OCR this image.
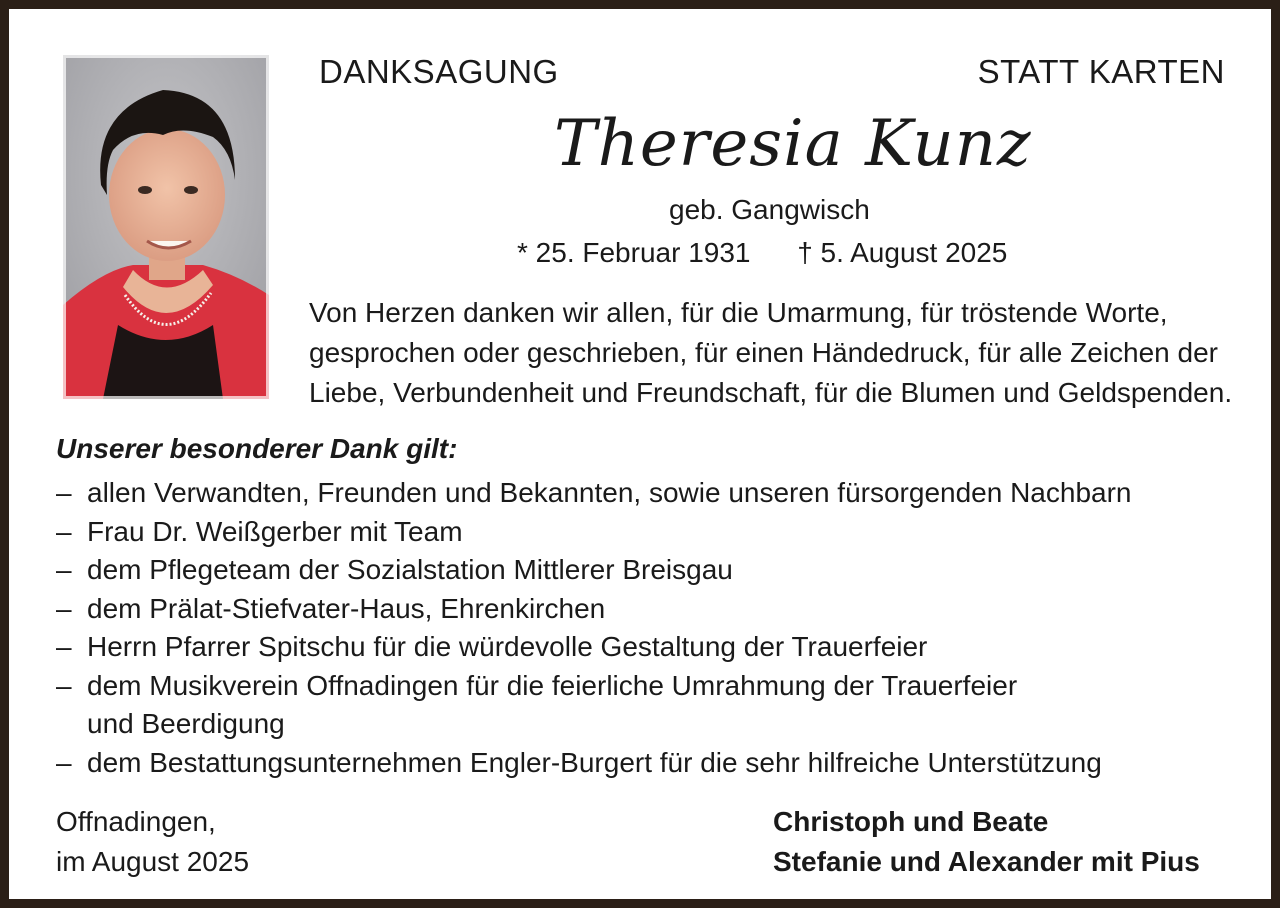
DANKSAGUNG	STATT KARTEN
Theresia Kunz
geb. Gangwisch
* 25. Februar 1931 † 5. August 2025
Von Herzen danken wir allen, für die Umarmung, für tröstende Worte,
gesprochen oder geschrieben, für einen Händedruck, für alle Zeichen der
Liebe, Verbundenheit und Freundschaft, für die Blumen und Geldspenden.
Unserer besonderer Dank gilt:
– allen Verwandten, Freunden und Bekannten, sowie unseren fürsorgenden Nachbarn
– Frau Dr. Weißgerber mit Team
– dem Pflegeteam der Sozialstation Mittlerer Breisgau
– dem Prälat-Stiefvater-Haus, Ehrenkirchen
– Herrn Pfarrer Spitschu für die würdevolle Gestaltung der Trauerfeier
– dem Musikverein Offnadingen für die feierliche Umrahmung der Trauerfeier
und Beerdigung
– dem Bestattungsunternehmen Engler-Burgert für die sehr hilfreiche Unterstützung
Offnadingen,
im August 2025
Christoph und Beate
Stefanie und Alexander mit Pius
